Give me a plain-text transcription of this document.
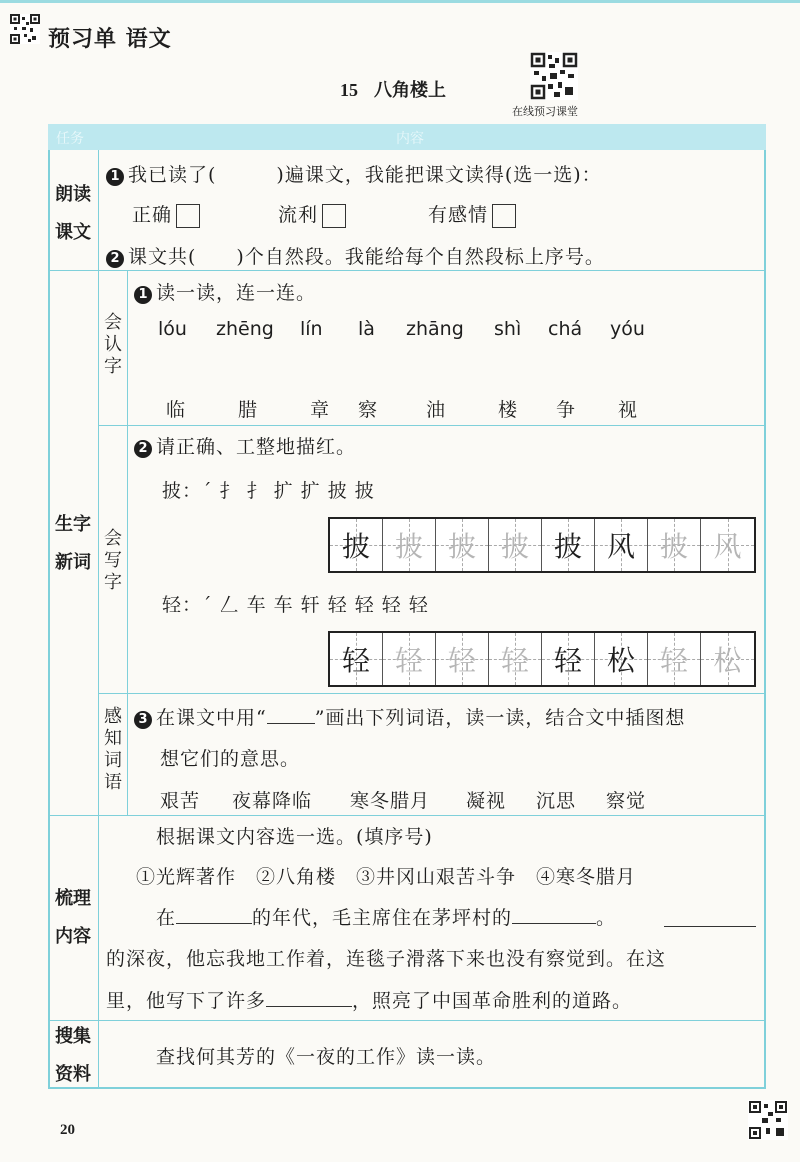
预习单 语文
15 八角楼上
在线预习课堂
任务	内容
朗读
课文
1 我已读了(　　　)遍课文，我能把课文读得(选一选)：
正确	流利	有感情
2 课文共(　　)个自然段。我能给每个自然段标上序号。
生字
新词
会
认
字
1 读一读，连一连。
lóu zhēng lín là zhāng shì chá yóu
临	腊	章 察	油	楼 争 视
会
写
字
2 请正确、工整地描红。
披：ˊ 扌 扌 扩 扩 披 披
披 披 披 披 披 风 披 风
轻：ˊ 𠃋 车 车 轩 轻 轻 轻 轻
轻 轻 轻 轻 轻 松 轻 松
感
知
词
语
3 在课文中用“	”画出下列词语，读一读，结合文中插图想
想它们的意思。
艰苦 夜幕降临 寒冬腊月 凝视 沉思 察觉
梳理
内容
根据课文内容选一选。(填序号)
①光辉著作　②八角楼　③井冈山艰苦斗争　④寒冬腊月
在	的年代，毛主席住在茅坪村的	。
的深夜，他忘我地工作着，连毯子滑落下来也没有察觉到。在这
里，他写下了许多	，照亮了中国革命胜利的道路。
搜集
资料
查找何其芳的《一夜的工作》读一读。
20
